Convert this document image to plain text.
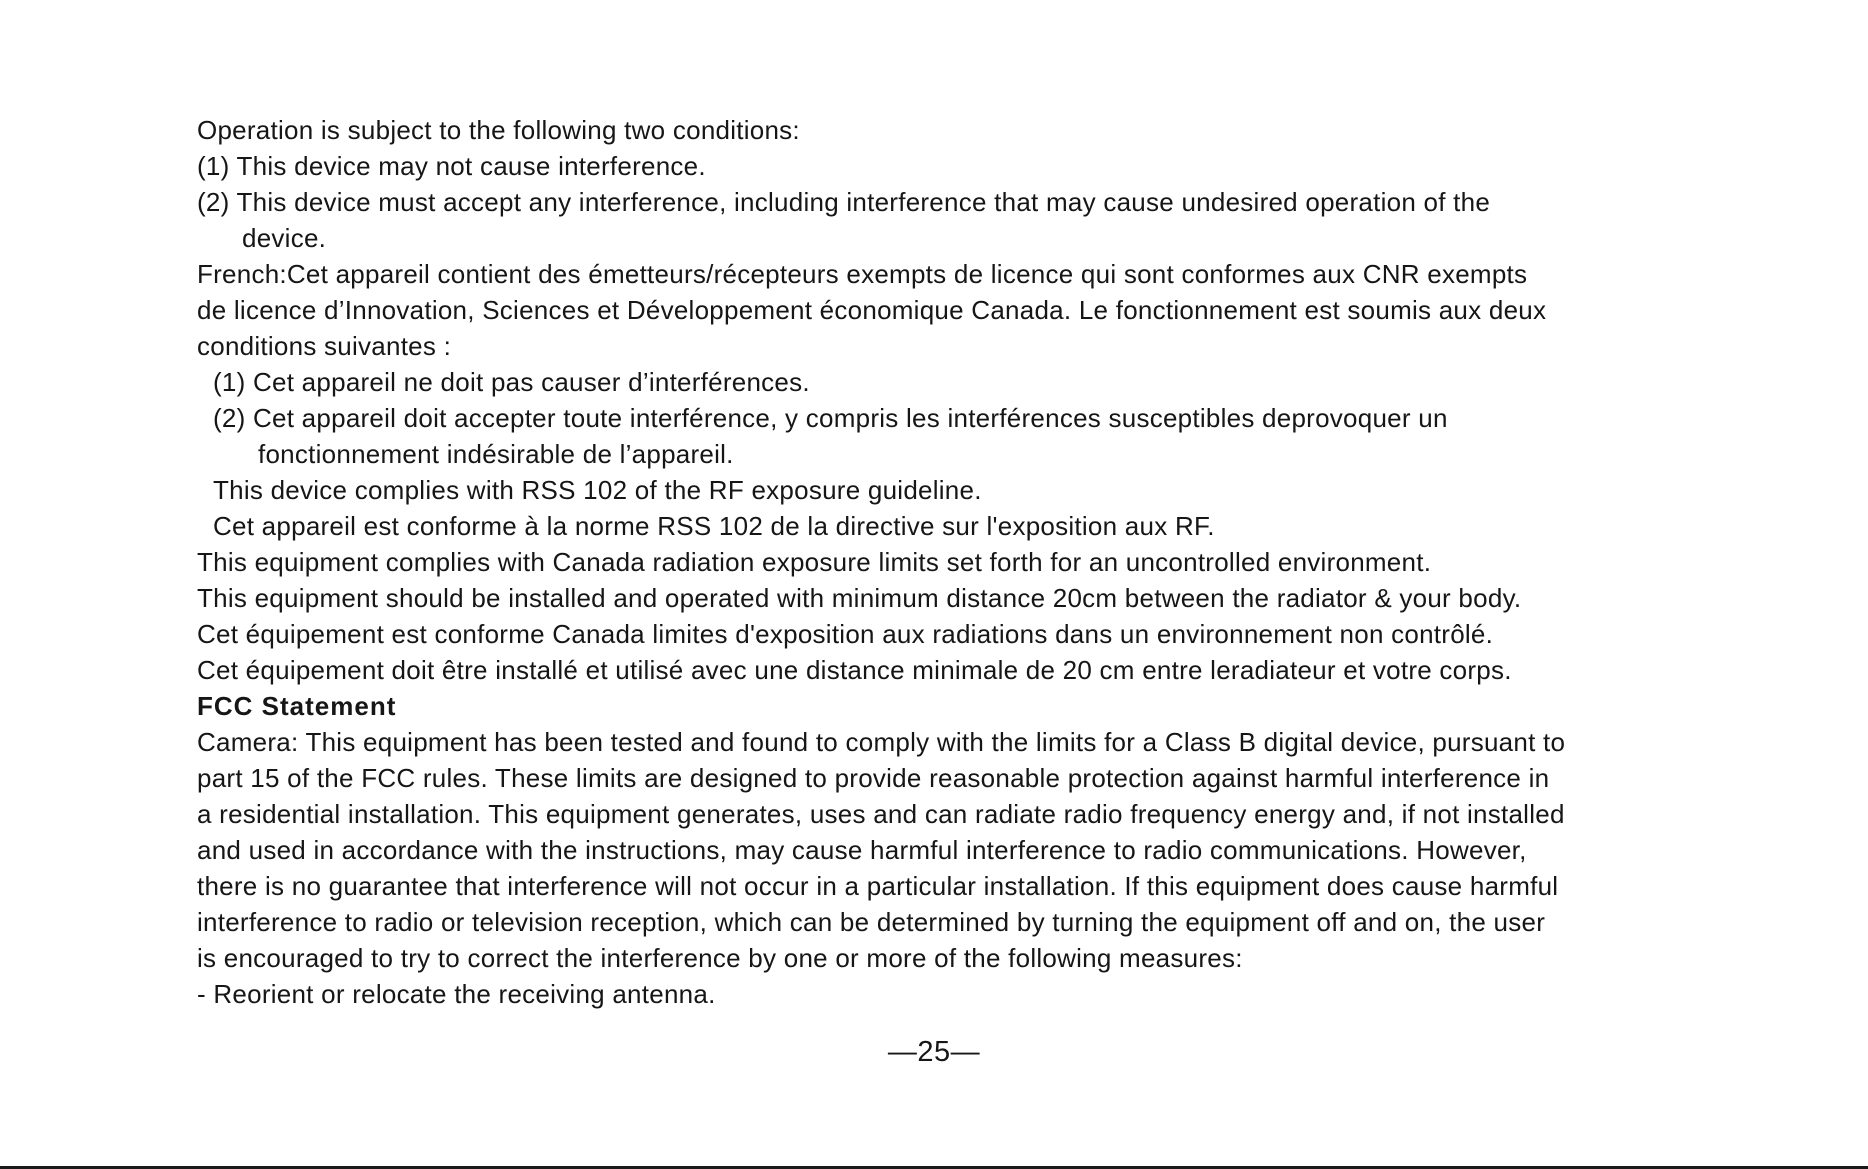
Operation is subject to the following two conditions:
(1) This device may not cause interference.
(2) This device must accept any interference, including interference that may cause undesired operation of the
device.
French:Cet appareil contient des émetteurs/récepteurs exempts de licence qui sont conformes aux CNR exempts
de licence d’Innovation, Sciences et Développement économique Canada. Le fonctionnement est soumis aux deux
conditions suivantes :
(1) Cet appareil ne doit pas causer d’interférences.
(2) Cet appareil doit accepter toute interférence, y compris les interférences susceptibles deprovoquer un
fonctionnement indésirable de l’appareil.
This device complies with RSS 102 of the RF exposure guideline.
Cet appareil est conforme à la norme RSS 102 de la directive sur l'exposition aux RF.
This equipment complies with Canada radiation exposure limits set forth for an uncontrolled environment.
This equipment should be installed and operated with minimum distance 20cm between the radiator & your body.
Cet équipement est conforme Canada limites d'exposition aux radiations dans un environnement non contrôlé.
Cet équipement doit être installé et utilisé avec une distance minimale de 20 cm entre leradiateur et votre corps.
FCC Statement
Camera: This equipment has been tested and found to comply with the limits for a Class B digital device, pursuant to
part 15 of the FCC rules. These limits are designed to provide reasonable protection against harmful interference in
a residential installation. This equipment generates, uses and can radiate radio frequency energy and, if not installed
and used in accordance with the instructions, may cause harmful interference to radio communications. However,
there is no guarantee that interference will not occur in a particular installation. If this equipment does cause harmful
interference to radio or television reception, which can be determined by turning the equipment off and on, the user
is encouraged to try to correct the interference by one or more of the following measures:
- Reorient or relocate the receiving antenna.
—25—
